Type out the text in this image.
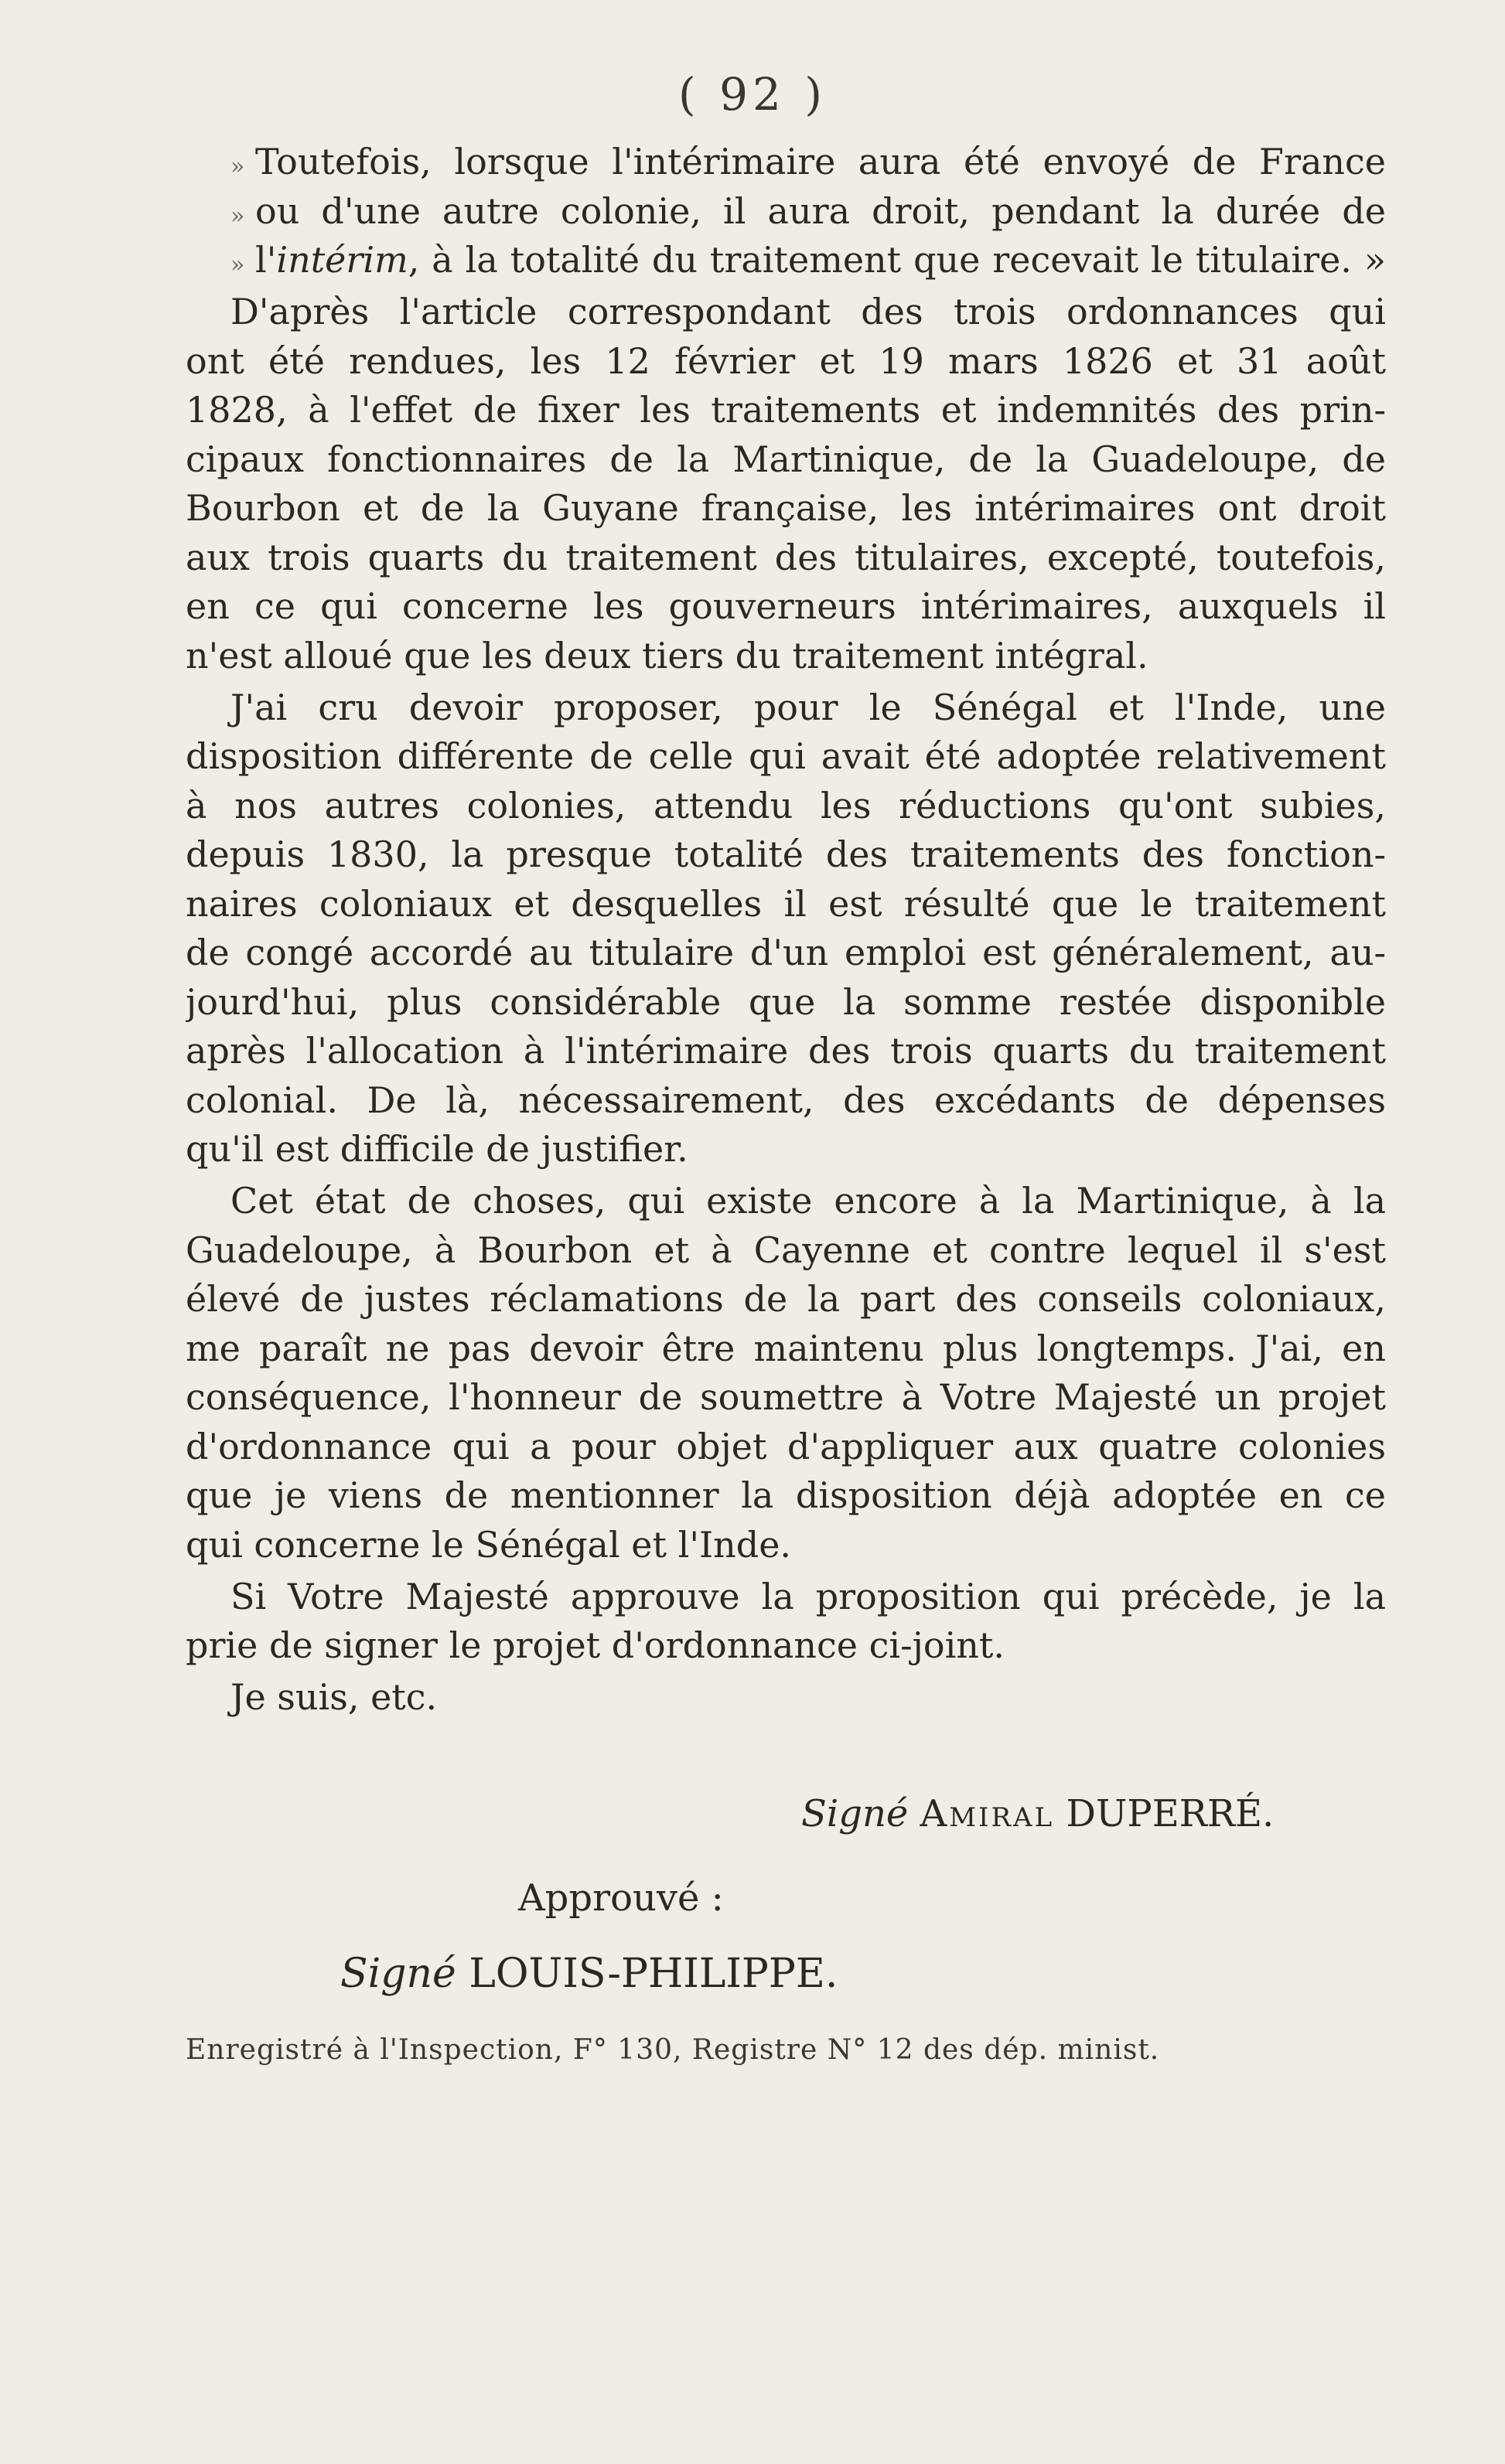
( 92 )
» Toutefois, lorsque l'intérimaire aura été envoyé de France
» ou d'une autre colonie, il aura droit, pendant la durée de
» l'intérim, à la totalité du traitement que recevait le titulaire. »
D'après l'article correspondant des trois ordonnances qui
ont été rendues, les 12 février et 19 mars 1826 et 31 août
1828, à l'effet de fixer les traitements et indemnités des prin-
cipaux fonctionnaires de la Martinique, de la Guadeloupe, de
Bourbon et de la Guyane française, les intérimaires ont droit
aux trois quarts du traitement des titulaires, excepté, toutefois,
en ce qui concerne les gouverneurs intérimaires, auxquels il
n'est alloué que les deux tiers du traitement intégral.
J'ai cru devoir proposer, pour le Sénégal et l'Inde, une
disposition différente de celle qui avait été adoptée relativement
à nos autres colonies, attendu les réductions qu'ont subies,
depuis 1830, la presque totalité des traitements des fonction-
naires coloniaux et desquelles il est résulté que le traitement
de congé accordé au titulaire d'un emploi est généralement, au-
jourd'hui, plus considérable que la somme restée disponible
après l'allocation à l'intérimaire des trois quarts du traitement
colonial. De là, nécessairement, des excédants de dépenses
qu'il est difficile de justifier.
Cet état de choses, qui existe encore à la Martinique, à la
Guadeloupe, à Bourbon et à Cayenne et contre lequel il s'est
élevé de justes réclamations de la part des conseils coloniaux,
me paraît ne pas devoir être maintenu plus longtemps. J'ai, en
conséquence, l'honneur de soumettre à Votre Majesté un projet
d'ordonnance qui a pour objet d'appliquer aux quatre colonies
que je viens de mentionner la disposition déjà adoptée en ce
qui concerne le Sénégal et l'Inde.
Si Votre Majesté approuve la proposition qui précède, je la
prie de signer le projet d'ordonnance ci-joint.
Je suis, etc.
Signé Amiral DUPERRÉ.
Approuvé :
Signé LOUIS-PHILIPPE.
Enregistré à l'Inspection, F° 130, Registre N° 12 des dép. minist.
